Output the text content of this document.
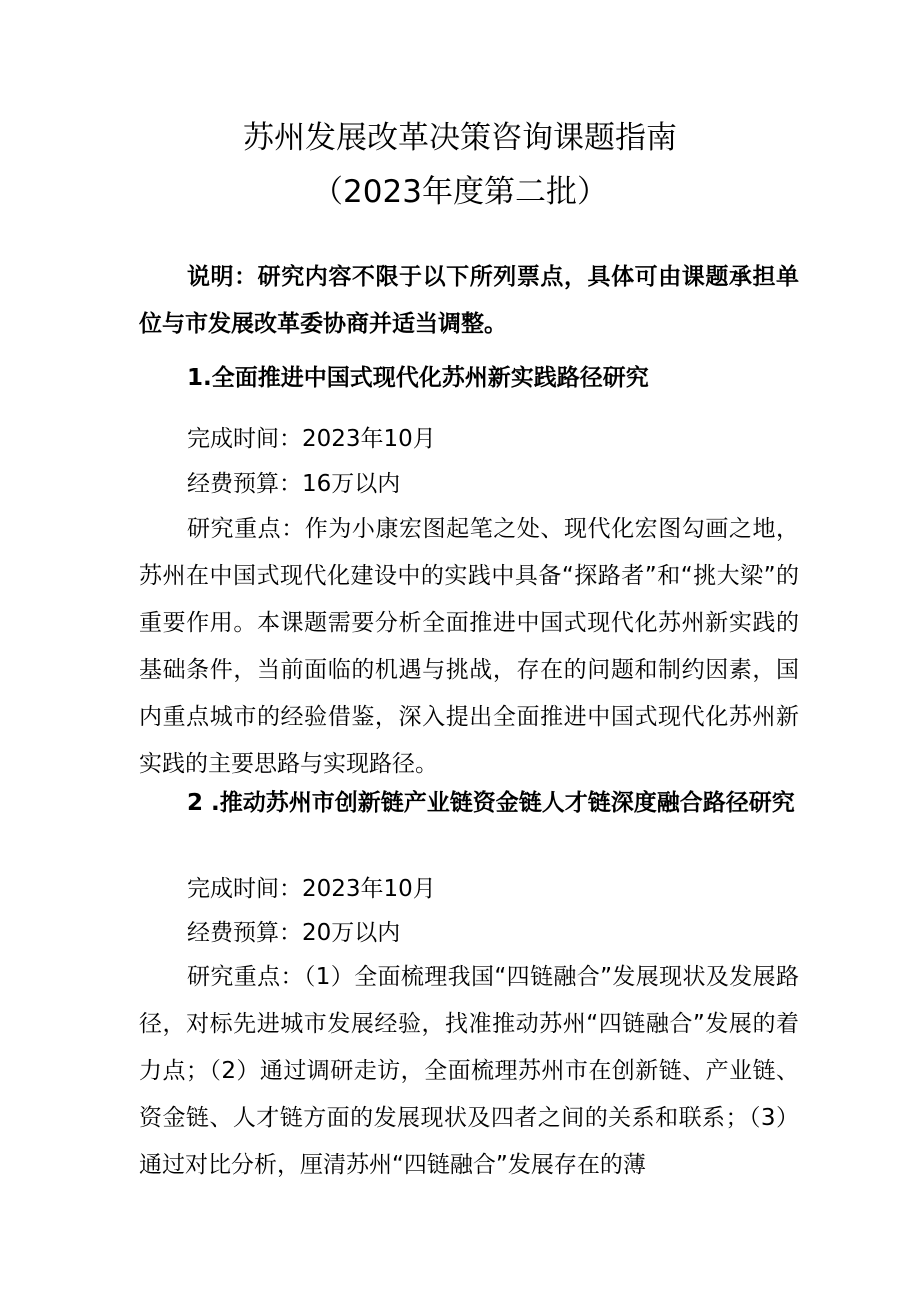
苏州发展改革决策咨询课题指南
（2023年度第二批）

说明：研究内容不限于以下所列票点，具体可由课题承担单位与市发展改革委协商并适当调整。

1.全面推进中国式现代化苏州新实践路径研究
完成时间：2023年10月
经费预算：16万以内

研究重点：作为小康宏图起笔之处、现代化宏图勾画之地，苏州在中国式现代化建设中的实践中具备“探路者”和“挑大梁”的重要作用。本课题需要分析全面推进中国式现代化苏州新实践的基础条件，当前面临的机遇与挑战，存在的问题和制约因素，国内重点城市的经验借鉴，深入提出全面推进中国式现代化苏州新实践的主要思路与实现路径。

2 .推动苏州市创新链产业链资金链人才链深度融合路径研究

完成时间：2023年10月
经费预算：20万以内

研究重点：（1）全面梳理我国“四链融合”发展现状及发展路径，对标先进城市发展经验，找准推动苏州“四链融合”发展的着力点；（2）通过调研走访，全面梳理苏州市在创新链、产业链、资金链、人才链方面的发展现状及四者之间的关系和联系；（3）通过对比分析，厘清苏州“四链融合”发展存在的薄
